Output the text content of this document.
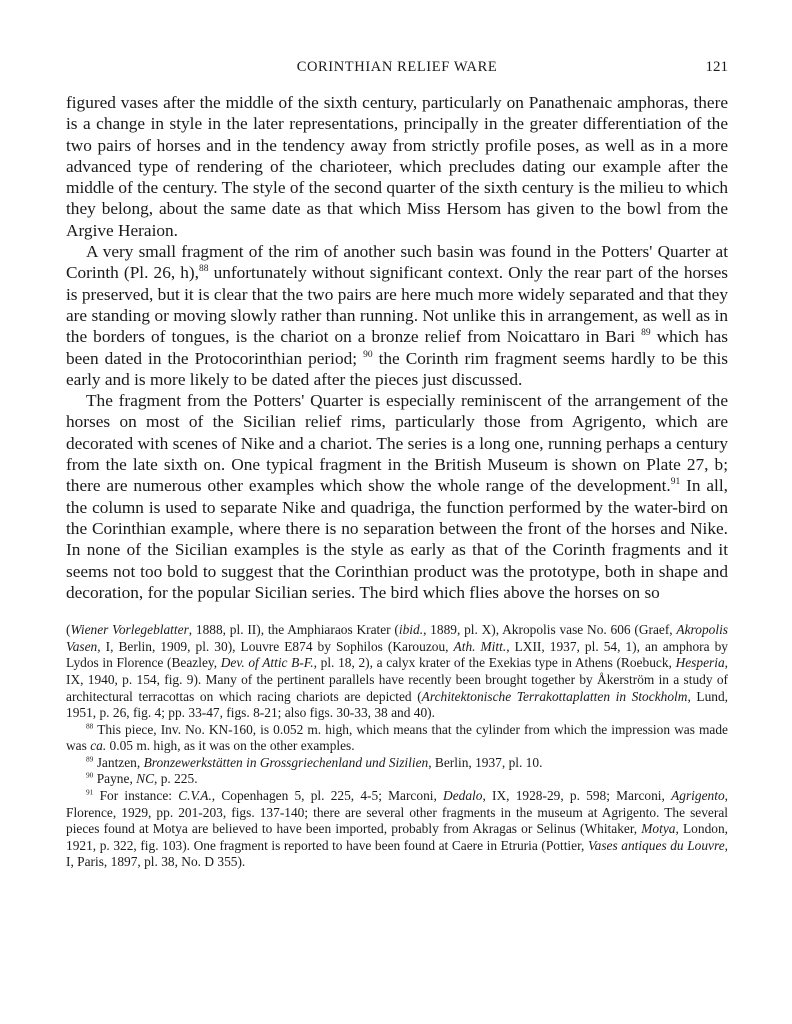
CORINTHIAN RELIEF WARE	121

figured vases after the middle of the sixth century, particularly on Panathenaic amphoras, there is a change in style in the later representations, principally in the greater differentiation of the two pairs of horses and in the tendency away from strictly profile poses, as well as in a more advanced type of rendering of the charioteer, which precludes dating our example after the middle of the century. The style of the second quarter of the sixth century is the milieu to which they belong, about the same date as that which Miss Hersom has given to the bowl from the Argive Heraion.

A very small fragment of the rim of another such basin was found in the Potters' Quarter at Corinth (Pl. 26, h),$^{88}$ unfortunately without significant context. Only the rear part of the horses is preserved, but it is clear that the two pairs are here much more widely separated and that they are standing or moving slowly rather than running. Not unlike this in arrangement, as well as in the borders of tongues, is the chariot on a bronze relief from Noicattaro in Bari $^{89}$ which has been dated in the Protocorinthian period; $^{90}$ the Corinth rim fragment seems hardly to be this early and is more likely to be dated after the pieces just discussed.

The fragment from the Potters' Quarter is especially reminiscent of the arrangement of the horses on most of the Sicilian relief rims, particularly those from Agrigento, which are decorated with scenes of Nike and a chariot. The series is a long one, running perhaps a century from the late sixth on. One typical fragment in the British Museum is shown on Plate 27, b; there are numerous other examples which show the whole range of the development.$^{91}$ In all, the column is used to separate Nike and quadriga, the function performed by the water-bird on the Corinthian example, where there is no separation between the front of the horses and Nike. In none of the Sicilian examples is the style as early as that of the Corinth fragments and it seems not too bold to suggest that the Corinthian product was the prototype, both in shape and decoration, for the popular Sicilian series. The bird which flies above the horses on so

(Wiener Vorlegeblatter, 1888, pl. II), the Amphiaraos Krater (ibid., 1889, pl. X), Akropolis vase No. 606 (Graef, Akropolis Vasen, I, Berlin, 1909, pl. 30), Louvre E874 by Sophilos (Karouzou, Ath. Mitt., LXII, 1937, pl. 54, 1), an amphora by Lydos in Florence (Beazley, Dev. of Attic B-F., pl. 18, 2), a calyx krater of the Exekias type in Athens (Roebuck, Hesperia, IX, 1940, p. 154, fig. 9). Many of the pertinent parallels have recently been brought together by Åkerström in a study of architectural terracottas on which racing chariots are depicted (Architektonische Terrakottaplatten in Stockholm, Lund, 1951, p. 26, fig. 4; pp. 33-47, figs. 8-21; also figs. 30-33, 38 and 40).

$^{88}$ This piece, Inv. No. KN-160, is 0.052 m. high, which means that the cylinder from which the impression was made was ca. 0.05 m. high, as it was on the other examples.

$^{89}$ Jantzen, Bronzewerkstätten in Grossgriechenland und Sizilien, Berlin, 1937, pl. 10.

$^{90}$ Payne, NC, p. 225.

$^{91}$ For instance: C.V.A., Copenhagen 5, pl. 225, 4-5; Marconi, Dedalo, IX, 1928-29, p. 598; Marconi, Agrigento, Florence, 1929, pp. 201-203, figs. 137-140; there are several other fragments in the museum at Agrigento. The several pieces found at Motya are believed to have been imported, probably from Akragas or Selinus (Whitaker, Motya, London, 1921, p. 322, fig. 103). One fragment is reported to have been found at Caere in Etruria (Pottier, Vases antiques du Louvre, I, Paris, 1897, pl. 38, No. D 355).
